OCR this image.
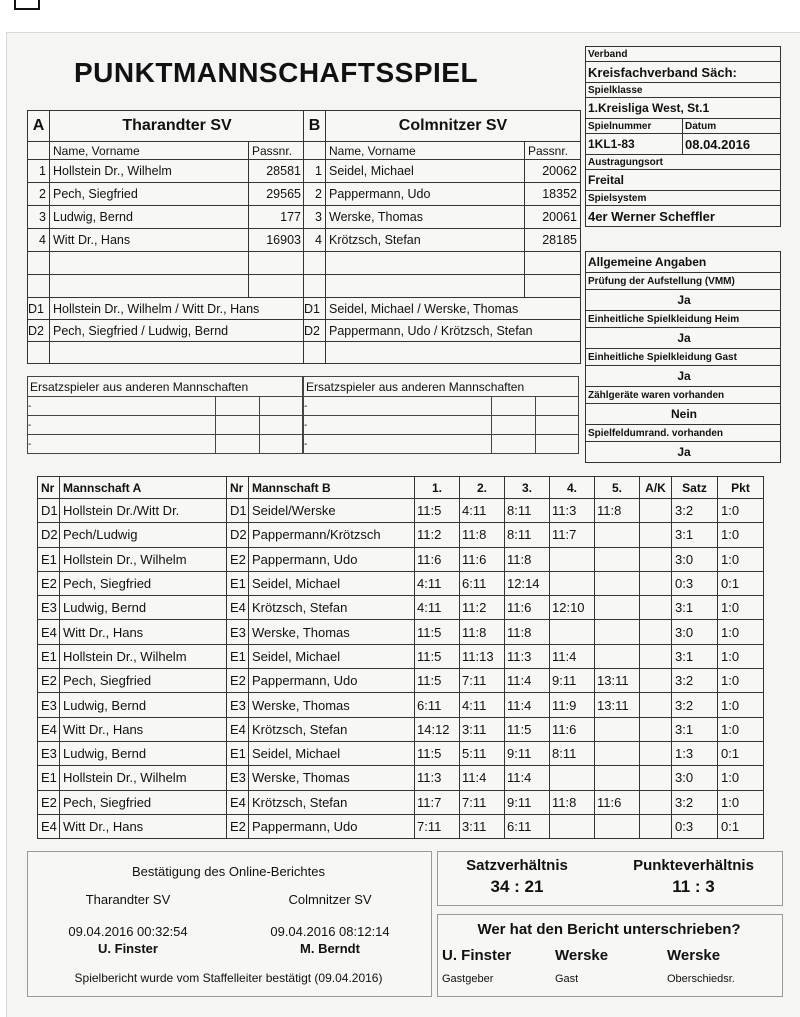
PUNKTMANNSCHAFTSSPIEL
A	Tharandter SV	
	Name, Vorname	Passnr.
1	Hollstein Dr., Wilhelm	28581
2	Pech, Siegfried	29565
3	Ludwig, Bernd	177
4	Witt Dr., Hans	16903

D1	Hollstein Dr., Wilhelm / Witt Dr., Hans	
D2	Pech, Siegfried / Ludwig, Bernd	

B	Colmnitzer SV	
	Name, Vorname	Passnr.
1	Seidel, Michael	20062
2	Pappermann, Udo	18352
3	Werske, Thomas	20061
4	Krötzsch, Stefan	28185

D1	Seidel, Michael / Werske, Thomas	
D2	Pappermann, Udo / Krötzsch, Stefan	

Ersatzspieler aus anderen Mannschaften		
-		
-		
-		
Ersatzspieler aus anderen Mannschaften		
-		
-		
-		
Verband	
Kreisfachverband Säch:	
Spielklasse	
1.Kreisliga West, St.1	
Spielnummer	Datum
1KL1-83	08.04.2016
Austragungsort	
Freital	
Spielsystem	
4er Werner Scheffler	
Allgemeine Angaben
Prüfung der Aufstellung (VMM)
Ja
Einheitliche Spielkleidung Heim
Ja
Einheitliche Spielkleidung Gast
Ja
Zählgeräte waren vorhanden
Nein
Spielfeldumrand. vorhanden
Ja
Nr	Mannschaft A	Nr	Mannschaft B	1.	2.	3.	4.	5.	A/K	Satz	Pkt
D1	Hollstein Dr./Witt Dr.	D1	Seidel/Werske	11:5	4:11	8:11	11:3	11:8		3:2	1:0
D2	Pech/Ludwig	D2	Pappermann/Krötzsch	11:2	11:8	8:11	11:7			3:1	1:0
E1	Hollstein Dr., Wilhelm	E2	Pappermann, Udo	11:6	11:6	11:8				3:0	1:0
E2	Pech, Siegfried	E1	Seidel, Michael	4:11	6:11	12:14				0:3	0:1
E3	Ludwig, Bernd	E4	Krötzsch, Stefan	4:11	11:2	11:6	12:10			3:1	1:0
E4	Witt Dr., Hans	E3	Werske, Thomas	11:5	11:8	11:8				3:0	1:0
E1	Hollstein Dr., Wilhelm	E1	Seidel, Michael	11:5	11:13	11:3	11:4			3:1	1:0
E2	Pech, Siegfried	E2	Pappermann, Udo	11:5	7:11	11:4	9:11	13:11		3:2	1:0
E3	Ludwig, Bernd	E3	Werske, Thomas	6:11	4:11	11:4	11:9	13:11		3:2	1:0
E4	Witt Dr., Hans	E4	Krötzsch, Stefan	14:12	3:11	11:5	11:6			3:1	1:0
E3	Ludwig, Bernd	E1	Seidel, Michael	11:5	5:11	9:11	8:11			1:3	0:1
E1	Hollstein Dr., Wilhelm	E3	Werske, Thomas	11:3	11:4	11:4				3:0	1:0
E2	Pech, Siegfried	E4	Krötzsch, Stefan	11:7	7:11	9:11	11:8	11:6		3:2	1:0
E4	Witt Dr., Hans	E2	Pappermann, Udo	7:11	3:11	6:11				0:3	0:1
Bestätigung des Online-Berichtes
Tharandter SV	Colmnitzer SV
09.04.2016 00:32:54	09.04.2016 08:12:14
U. Finster	M. Berndt
Spielbericht wurde vom Staffelleiter bestätigt (09.04.2016)
Satzverhältnis
34 : 21
Punkteverhältnis
11 : 3
Wer hat den Bericht unterschrieben?
U. Finster
Gastgeber
Werske
Gast
Werske
Oberschiedsr.
